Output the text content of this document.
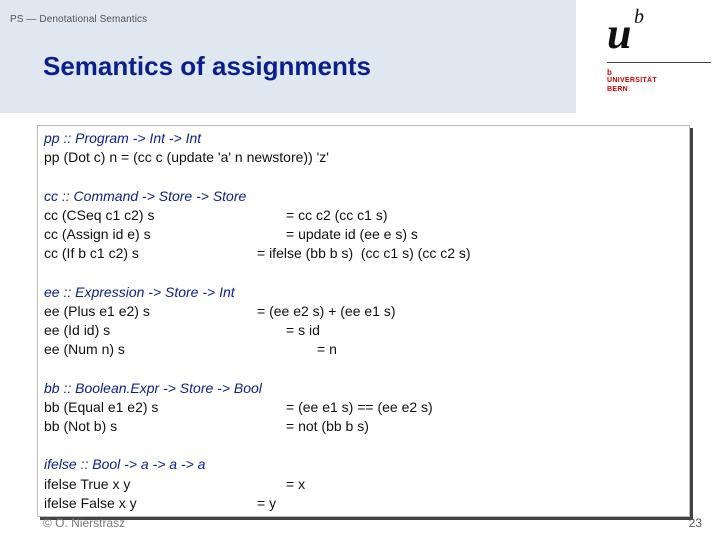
PS — Denotational Semantics
Semantics of assignments
u b
b
UNIVERSITÄT
BERN
pp :: Program -> Int -> Int
pp (Dot c) n = (cc c (update 'a' n newstore)) 'z'
cc :: Command -> Store -> Store
cc (CSeq c1 c2) s	= cc c2 (cc c1 s)
cc (Assign id e) s	= update id (ee e s) s
cc (If b c1 c2) s	= ifelse (bb b s)  (cc c1 s) (cc c2 s)
ee :: Expression -> Store -> Int
ee (Plus e1 e2) s	= (ee e2 s) + (ee e1 s)
ee (Id id) s	= s id
ee (Num n) s	= n
bb :: Boolean.Expr -> Store -> Bool
bb (Equal e1 e2) s	= (ee e1 s) == (ee e2 s)
bb (Not b) s	= not (bb b s)
ifelse :: Bool -> a -> a -> a
ifelse True x y	= x
ifelse False x y	= y
© O. Nierstrasz	23
